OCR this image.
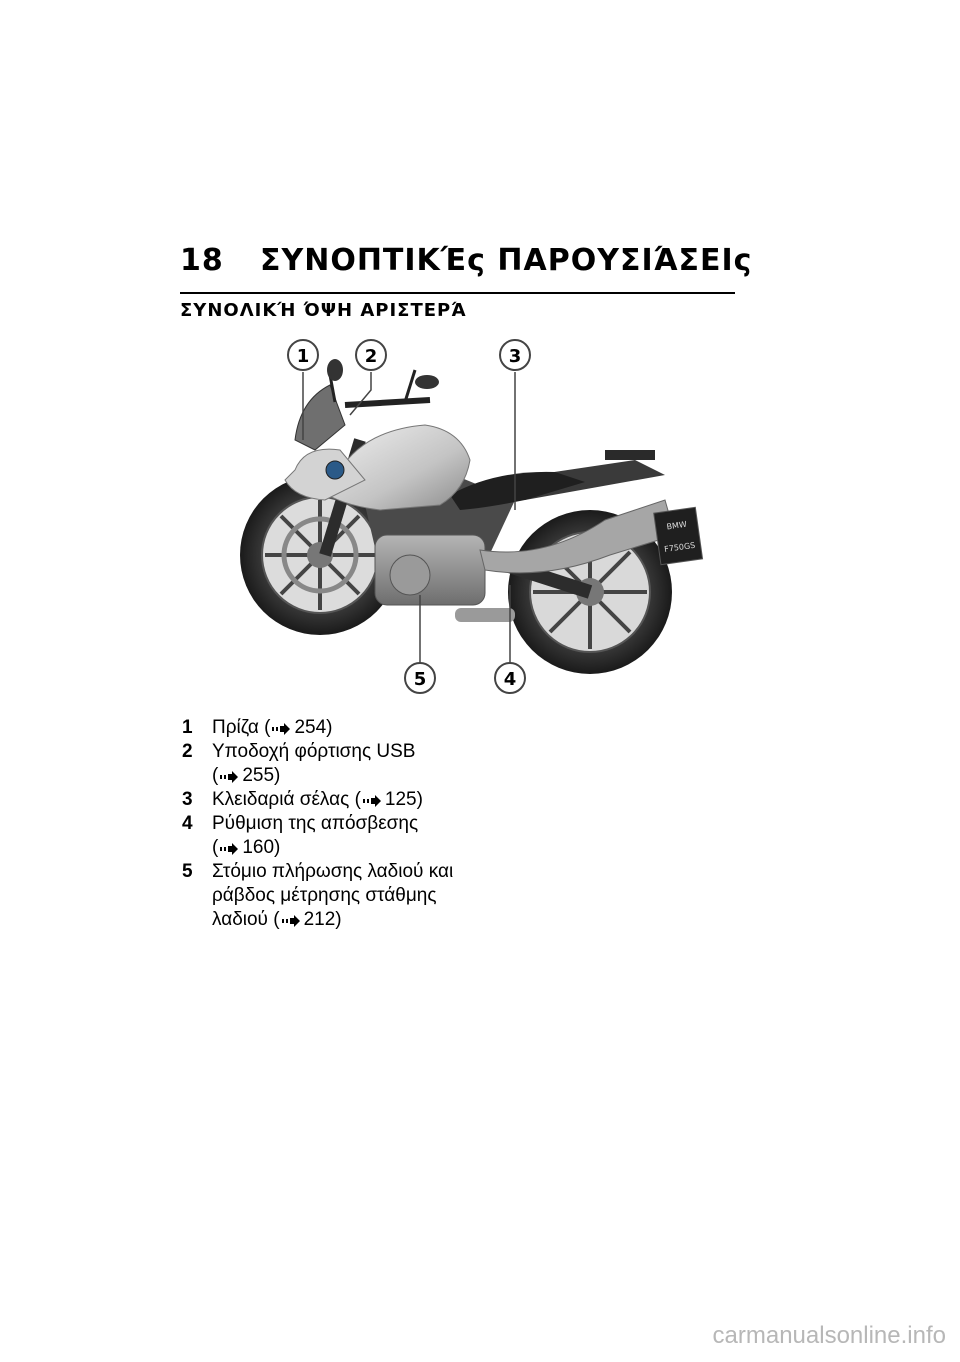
18 ΣΥΝΟΠΤΙΚΈς ΠΑΡΟΥΣΙΆΣΕΙς
ΣΥΝΟΛΙΚΉ ΌΨΗ ΑΡΙΣΤΕΡΆ
BMW
F750GS
1	2	3
4
5
1	Πρίζα ( 254)
2	Υποδοχή φόρτισης USB
( 255)
3	Κλειδαριά σέλας ( 125)
4	Ρύθμιση της απόσβεσης
( 160)
5	Στόμιο πλήρωσης λαδιού και
ράβδος μέτρησης στάθμης
λαδιού ( 212)
carmanualsonline.info
